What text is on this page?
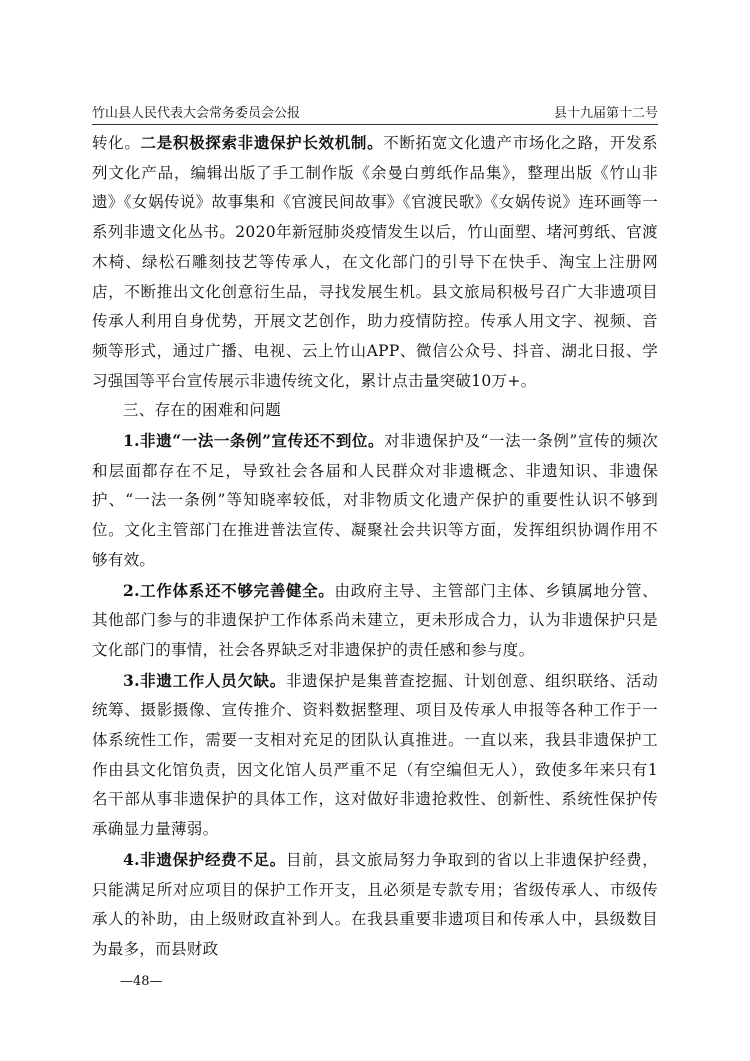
竹山县人民代表大会常务委员会公报	县十九届第十二号

转化。二是积极探索非遗保护长效机制。不断拓宽文化遗产市场化之路，开发系列文化产品，编辑出版了手工制作版《余曼白剪纸作品集》，整理出版《竹山非遗》《女娲传说》故事集和《官渡民间故事》《官渡民歌》《女娲传说》连环画等一系列非遗文化丛书。2020年新冠肺炎疫情发生以后，竹山面塑、堵河剪纸、官渡木椅、绿松石雕刻技艺等传承人，在文化部门的引导下在快手、淘宝上注册网店，不断推出文化创意衍生品，寻找发展生机。县文旅局积极号召广大非遗项目传承人利用自身优势，开展文艺创作，助力疫情防控。传承人用文字、视频、音频等形式，通过广播、电视、云上竹山APP、微信公众号、抖音、湖北日报、学习强国等平台宣传展示非遗传统文化，累计点击量突破10万+。

三、存在的困难和问题

1.非遗“一法一条例”宣传还不到位。对非遗保护及“一法一条例”宣传的频次和层面都存在不足，导致社会各届和人民群众对非遗概念、非遗知识、非遗保护、“一法一条例”等知晓率较低，对非物质文化遗产保护的重要性认识不够到位。文化主管部门在推进普法宣传、凝聚社会共识等方面，发挥组织协调作用不够有效。

2.工作体系还不够完善健全。由政府主导、主管部门主体、乡镇属地分管、其他部门参与的非遗保护工作体系尚未建立，更未形成合力，认为非遗保护只是文化部门的事情，社会各界缺乏对非遗保护的责任感和参与度。

3.非遗工作人员欠缺。非遗保护是集普查挖掘、计划创意、组织联络、活动统筹、摄影摄像、宣传推介、资料数据整理、项目及传承人申报等各种工作于一体系统性工作，需要一支相对充足的团队认真推进。一直以来，我县非遗保护工作由县文化馆负责，因文化馆人员严重不足（有空编但无人），致使多年来只有1名干部从事非遗保护的具体工作，这对做好非遗抢救性、创新性、系统性保护传承确显力量薄弱。

4.非遗保护经费不足。目前，县文旅局努力争取到的省以上非遗保护经费，只能满足所对应项目的保护工作开支，且必须是专款专用；省级传承人、市级传承人的补助，由上级财政直补到人。在我县重要非遗项目和传承人中，县级数目为最多，而县财政

—48—
